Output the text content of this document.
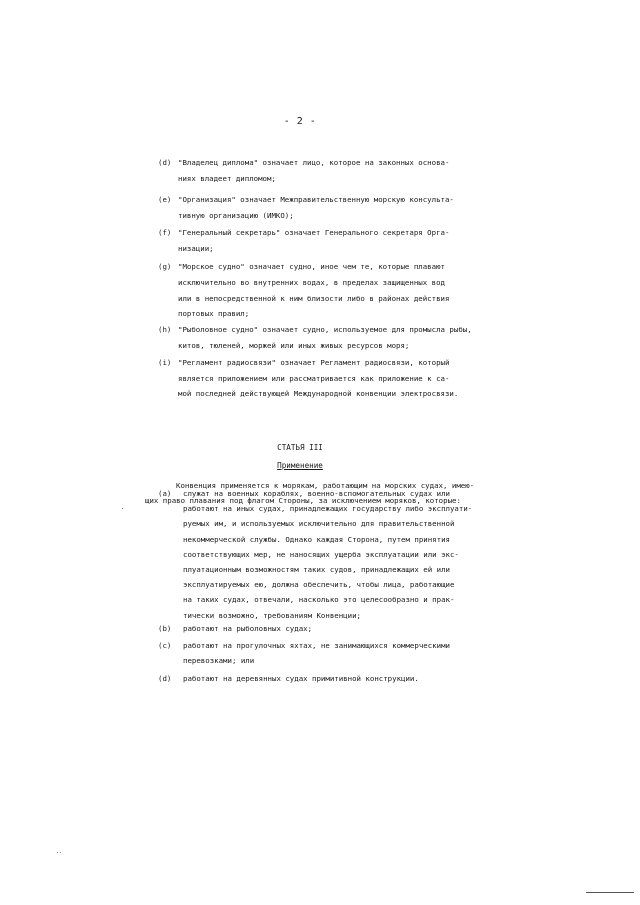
- 2 -
(d) "Владелец диплома" означает лицо, которое на законных основа-
ниях владеет дипломом;
(e) "Организация" означает Межправительственную морскую консульта-
тивную организацию (ИМКО);
(f) "Генеральный секретарь" означает Генерального секретаря Орга-
низации;
(g) "Морское судно" означает судно, иное чем те, которые плавают
исключительно во внутренних водах, в пределах защищенных вод
или в непосредственной к ним близости либо в районах действия
портовых правил;
(h) "Рыболовное судно" означает судно, используемое для промысла рыбы,
китов, тюленей, моржей или иных живых ресурсов моря;
(i) "Регламент радиосвязи" означает Регламент радиосвязи, который
является приложением или рассматривается как приложение к са-
мой последней действующей Международной конвенции электросвязи.
СТАТЬЯ III
Применение
Конвенция применяется к морякам, работающим на морских судах, имею-
щих право плавания под флагом Стороны, за исключением моряков, которые:
(a) служат на военных кораблях, военно-вспомогательных судах или
работают на иных судах, принадлежащих государству либо эксплуати-
руемых им, и используемых исключительно для правительственной
некоммерческой службы. Однако каждая Сторона, путем принятия
соответствующих мер, не наносящих ущерба эксплуатации или экс-
плуатационным возможностям таких судов, принадлежащих ей или
эксплуатируемых ею, должна обеспечить, чтобы лица, работающие
на таких судах, отвечали, насколько это целесообразно и прак-
тически возможно, требованиям Конвенции;
(b) работают на рыболовных судах;
(c) работают на прогулочных яхтах, не занимающихся коммерческими
перевозками; или
(d) работают на деревянных судах примитивной конструкции.
